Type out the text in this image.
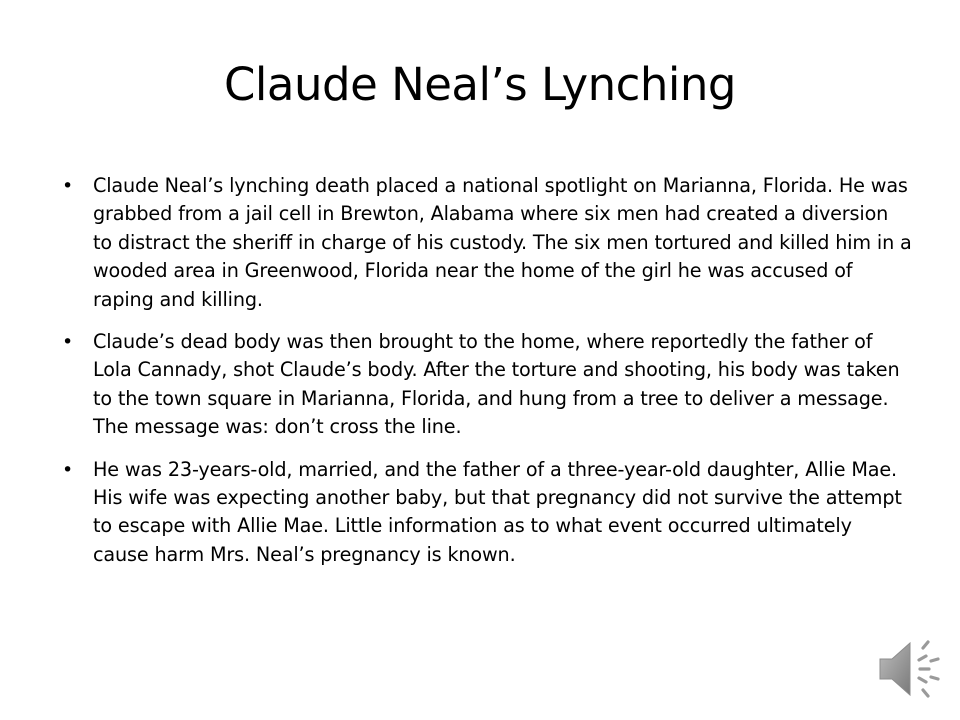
Claude Neal’s Lynching
• Claude Neal’s lynching death placed a national spotlight on Marianna, Florida. He was grabbed from a jail cell in Brewton, Alabama where six men had created a diversion to distract the sheriff in charge of his custody. The six men tortured and killed him in a wooded area in Greenwood, Florida near the home of the girl he was accused of raping and killing.
• Claude’s dead body was then brought to the home, where reportedly the father of Lola Cannady, shot Claude’s body. After the torture and shooting, his body was taken to the town square in Marianna, Florida, and hung from a tree to deliver a message. The message was: don’t cross the line.
• He was 23-years-old, married, and the father of a three-year-old daughter, Allie Mae. His wife was expecting another baby, but that pregnancy did not survive the attempt to escape with Allie Mae. Little information as to what event occurred ultimately cause harm Mrs. Neal’s pregnancy is known.
